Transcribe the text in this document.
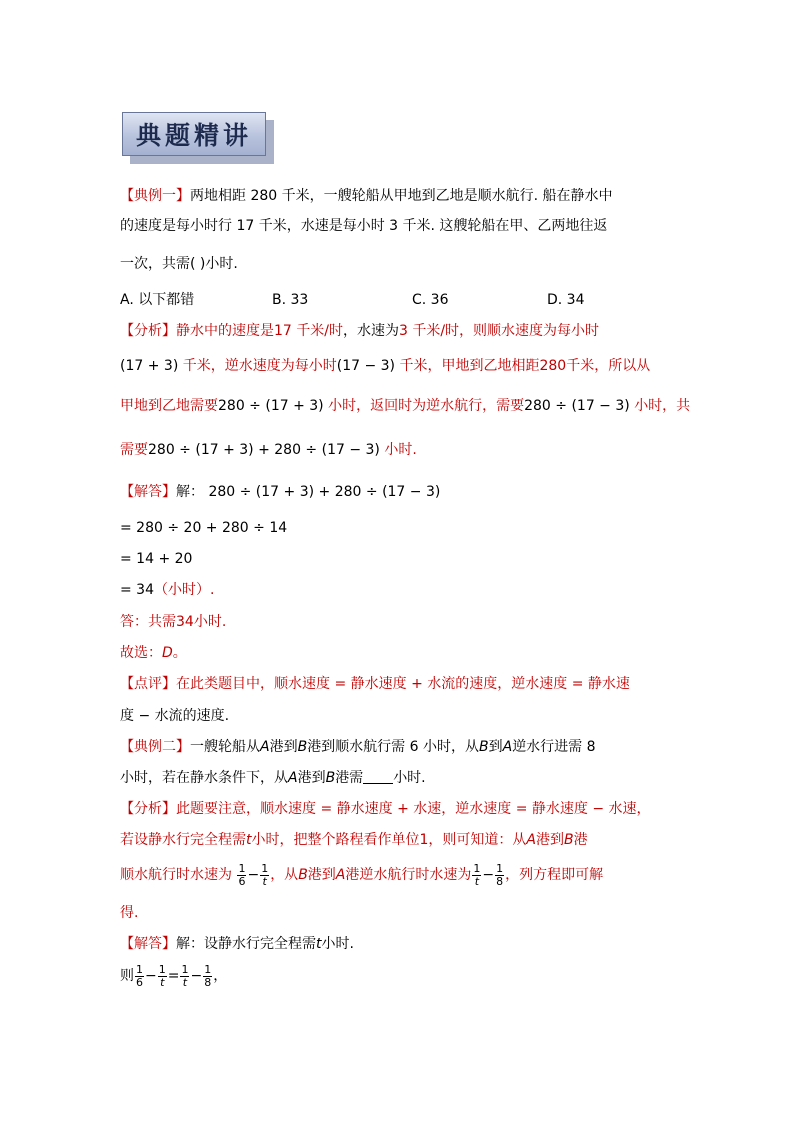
典题精讲
【典例一】两地相距 280 千米，一艘轮船从甲地到乙地是顺水航行. 船在静水中
的速度是每小时行 17 千米，水速是每小时 3 千米. 这艘轮船在甲、乙两地往返
一次，共需( )小时.
A. 以下都错	B. 33	C. 36	D. 34
【分析】静水中的速度是17 千米/时，水速为3 千米/时，则顺水速度为每小时
(17 + 3) 千米，逆水速度为每小时(17 − 3) 千米，甲地到乙地相距280千米，所以从
甲地到乙地需要280 ÷ (17 + 3) 小时，返回时为逆水航行，需要280 ÷ (17 − 3) 小时，共
需要280 ÷ (17 + 3) + 280 ÷ (17 − 3) 小时.
【解答】解： 280 ÷ (17 + 3) + 280 ÷ (17 − 3)
= 280 ÷ 20 + 280 ÷ 14
= 14 + 20
= 34（小时）.
答：共需34小时.
故选：D。
【点评】在此类题目中，顺水速度 = 静水速度 + 水流的速度，逆水速度 = 静水速
度 − 水流的速度.
【典例二】一艘轮船从A港到B港到顺水航行需 6 小时，从B到A逆水行进需 8
小时，若在静水条件下，从A港到B港需 小时.
【分析】此题要注意，顺水速度 = 静水速度 + 水速，逆水速度 = 静水速度 − 水速，
若设静水行完全程需t小时，把整个路程看作单位1，则可知道：从A港到B港
顺水航行时水速为 $\frac{1}{6} - \frac{1}{t}$ ，从B港到A港逆水航行时水速为 $\frac{1}{t} - \frac{1}{8}$ ，列方程即可解
得.
【解答】解：设静水行完全程需t小时.
则 $\frac{1}{6} - \frac{1}{t} = \frac{1}{t} - \frac{1}{8}$ ，
